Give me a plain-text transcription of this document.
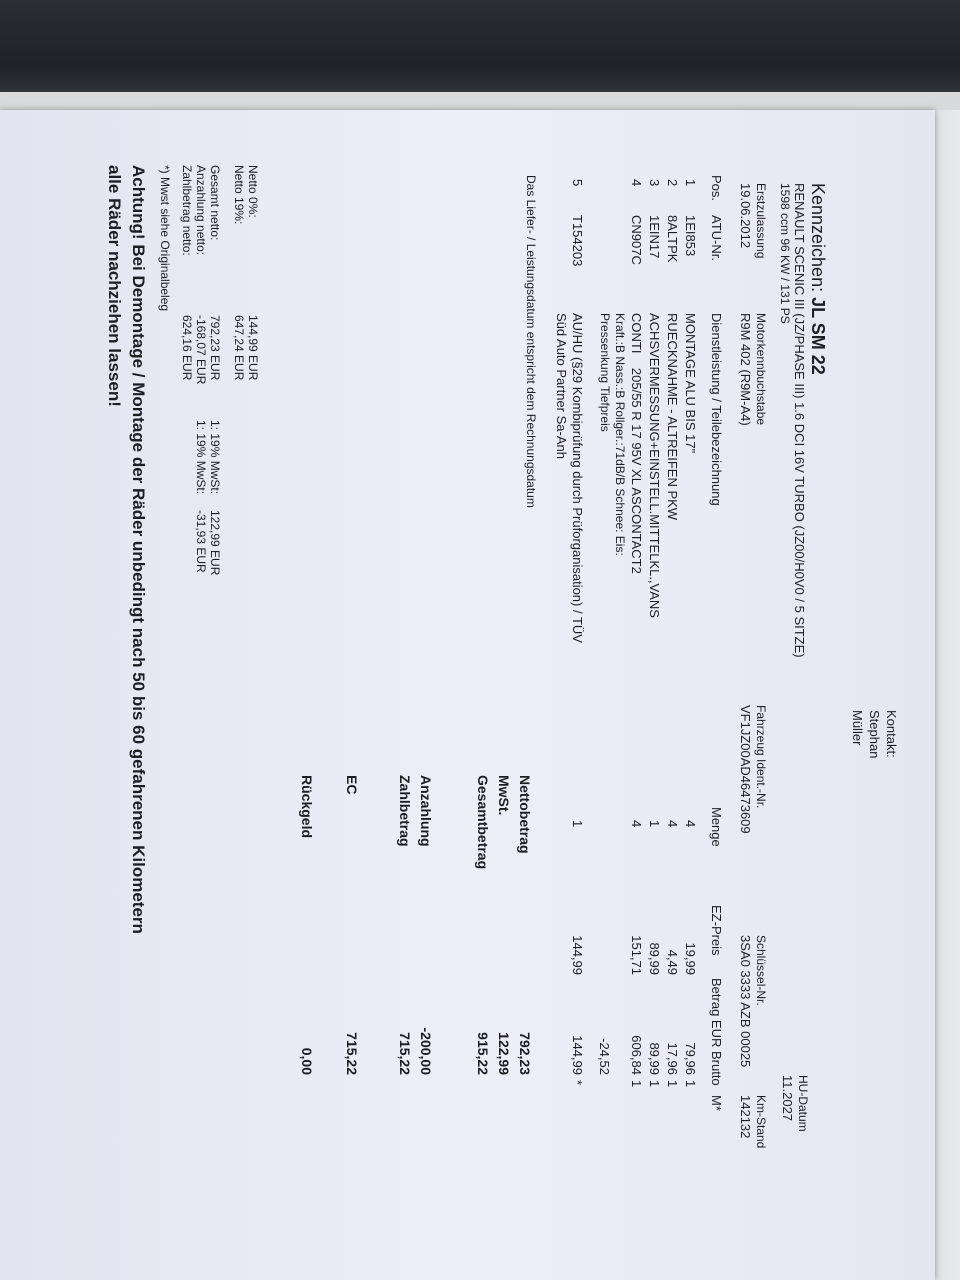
Kontakt:
Stephan
Müller
Kennzeichen: JL SM 22
RENAULT SCENIC III (JZ/PHASE III) 1.6 DCI 16V TURBO (JZ00/H0V0 / 5 SITZE)
1598 ccm 96 KW / 131 PS
HU-Datum
11.2027
Erstzulassung
19.06.2012
Motorkennbuchstabe
R9M 402 (R9M-A4)
Fahrzeug Ident.-Nr.
VF1JZ00AD46473609
Schlüssel-Nr.
3SA0 3333 AZB 00025
Km-Stand
142132
Pos.
ATU-Nr.
Dienstleistung / Teilebezeichnung
Menge
EZ-Preis
Betrag EUR Brutto
M*
1
1EI853
MONTAGE ALU BIS 17"
4
19,99
79,96
1
2
8ALTPK
RUECKNAHME - ALTREIFEN PKW
4
4,49
17,96
1
3
1EIN17
ACHSVERMESSUNG+EINSTELL.MITTELKL.,VANS
1
89,99
89,99
1
4
CN907C
CONTI    205/55 R 17 95V XL ASCONTACT2
Kraft.:B Nass.:B Rollger.:71dB/B Schnee: Eis:
Pressenkung Tiefpreis
4
151,71
606,84
1
-24,52
5
T154203
AU/HU (§29 Kombiprüfung durch Prüforganisation) / TÜV
Süd Auto Partner Sa-Anh
1
144,99
144,99
*
Das Liefer- / Leistungsdatum entspricht dem Rechnungsdatum
Nettobetrag
792,23
MwSt.
122,99
Gesamtbetrag
915,22
Anzahlung
-200,00
Zahlbetrag
715,22
EC
715,22
Rückgeld
0,00
Netto 0%:
144,99 EUR
Netto 19%:
647,24 EUR
Gesamt netto:
792,23 EUR
1: 19% MwSt:
122,99 EUR
Anzahlung netto:
-168,07 EUR
1: 19% MwSt:
-31,93 EUR
Zahlbetrag netto:
624,16 EUR
*) Mwst siehe Originalbeleg
Achtung! Bei Demontage / Montage der Räder unbedingt nach 50 bis 60 gefahrenen Kilometern
alle Räder nachziehen lassen!
